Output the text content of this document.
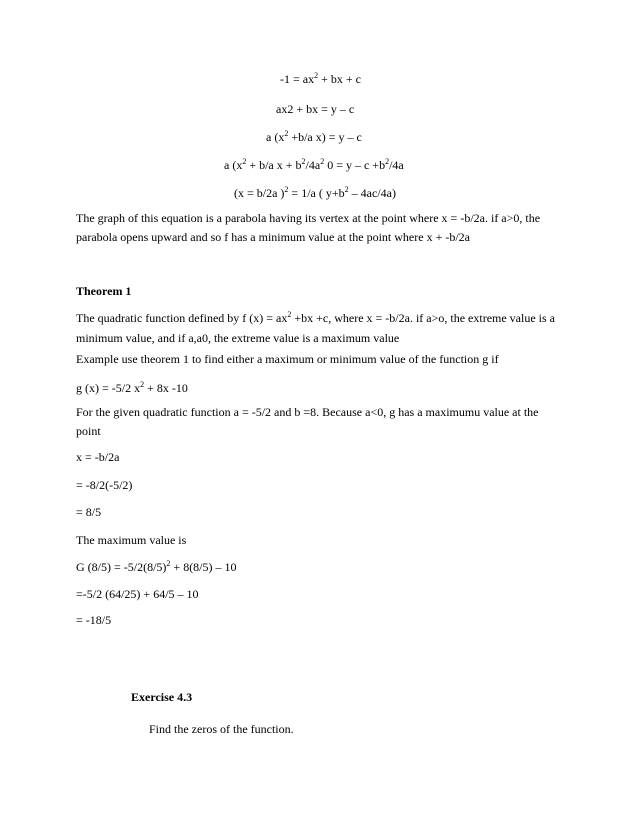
$-1 = ax^2$ + bx + c
ax2 + bx = y – c
a ($x^2 +b/a$ x) = y – c
a ($x^2 + b/a$ $x + b^2/4a^2$ $0 = y - c +b^2/4a$
(x = b/2a )$^2$ = 1/a ( $y+b^2 - 4ac/4a$)
The graph of this equation is a parabola having its vertex at the point where x = -b/2a. if a>0, the parabola opens upward and so f has a minimum value at the point where x + -b/2a
Theorem 1
The quadratic function defined by f $(x) = ax^2 +bx +c$, where x = -b/2a. if a>o, the extreme value is a minimum value, and if a,a0, the extreme value is a maximum value
Example use theorem 1 to find either a maximum or minimum value of the function g if
g (x) = -5/2 $x^2 + 8x$ -10
For the given quadratic function a = -5/2 and b =8. Because a<0, g has a maximumu value at the point
x = -b/2a
= -8/2(-5/2)
= 8/5
The maximum value is
G $(8/5) = -5/2(8/5)^2 + 8(8/5) - 10$
=-5/2 (64/25) + 64/5 – 10
= -18/5
Exercise 4.3
Find the zeros of the function.
